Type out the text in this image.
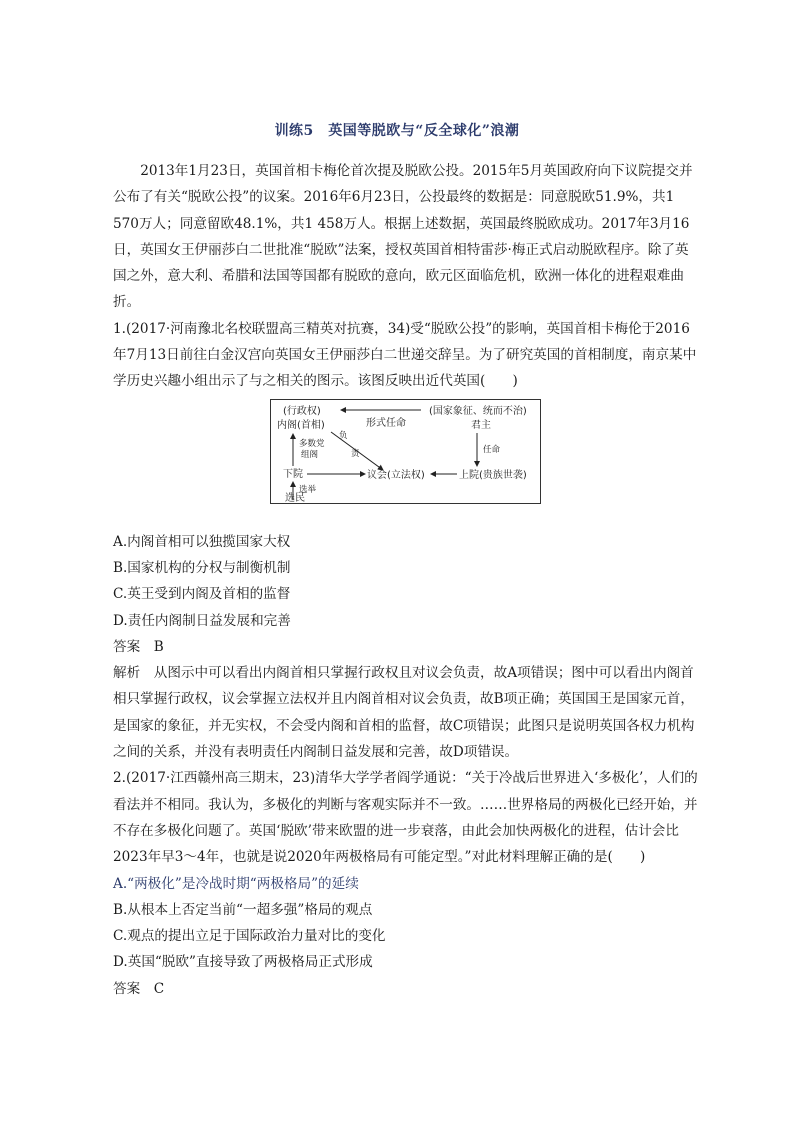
训练5　英国等脱欧与“反全球化”浪潮

2013年1月23日，英国首相卡梅伦首次提及脱欧公投。2015年5月英国政府向下议院提交并公布了有关“脱欧公投”的议案。2016年6月23日，公投最终的数据是：同意脱欧51.9%，共1 570万人；同意留欧48.1%，共1 458万人。根据上述数据，英国最终脱欧成功。2017年3月16日，英国女王伊丽莎白二世批准“脱欧”法案，授权英国首相特雷莎·梅正式启动脱欧程序。除了英国之外，意大利、希腊和法国等国都有脱欧的意向，欧元区面临危机，欧洲一体化的进程艰难曲折。

1.(2017·河南豫北名校联盟高三精英对抗赛，34)受“脱欧公投”的影响，英国首相卡梅伦于2016年7月13日前往白金汉宫向英国女王伊丽莎白二世递交辞呈。为了研究英国的首相制度，南京某中学历史兴趣小组出示了与之相关的图示。该图反映出近代英国(　　)

(行政权)	(国家象征、统而不治)
内阁(首相)	形式任命	君主
负
责
多数党
组阁	任命
下院	议会(立法权)	上院(贵族世袭)
选举
选民

A.内阁首相可以独揽国家大权

B.国家机构的分权与制衡机制

C.英王受到内阁及首相的监督

D.责任内阁制日益发展和完善

答案　B

解析　从图示中可以看出内阁首相只掌握行政权且对议会负责，故A项错误；图中可以看出内阁首相只掌握行政权，议会掌握立法权并且内阁首相对议会负责，故B项正确；英国国王是国家元首，是国家的象征，并无实权，不会受内阁和首相的监督，故C项错误；此图只是说明英国各权力机构之间的关系，并没有表明责任内阁制日益发展和完善，故D项错误。

2.(2017·江西赣州高三期末，23)清华大学学者阎学通说：“关于冷战后世界进入‘多极化’，人们的看法并不相同。我认为，多极化的判断与客观实际并不一致。……世界格局的两极化已经开始，并不存在多极化问题了。英国‘脱欧’带来欧盟的进一步衰落，由此会加快两极化的进程，估计会比2023年早3～4年，也就是说2020年两极格局有可能定型。”对此材料理解正确的是(　　)

A.“两极化”是冷战时期“两极格局”的延续

B.从根本上否定当前“一超多强”格局的观点

C.观点的提出立足于国际政治力量对比的变化

D.英国“脱欧”直接导致了两极格局正式形成

答案　C
